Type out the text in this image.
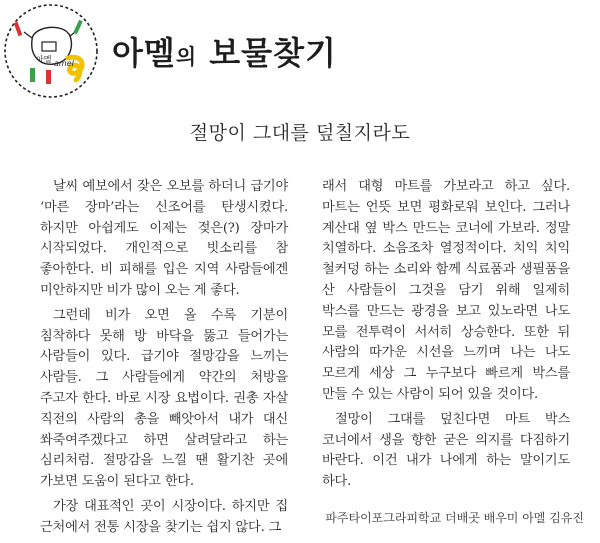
아멜 amel 아멜의 보물찾기
절망이 그대를 덮칠지라도

날씨 예보에서 잦은 오보를 하더니 급기야 ‘마른 장마’라는 신조어를 탄생시켰다. 하지만 아쉽게도 이제는 젖은(?) 장마가 시작되었다. 개인적으로 빗소리를 참 좋아한다. 비 피해를 입은 지역 사람들에겐 미안하지만 비가 많이 오는 게 좋다.

그런데 비가 오면 올 수록 기분이 침착하다 못해 방 바닥을 뚫고 들어가는 사람들이 있다. 급기야 절망감을 느끼는 사람들. 그 사람들에게 약간의 처방을 주고자 한다. 바로 시장 요법이다. 권총 자살 직전의 사람의 총을 빼앗아서 내가 대신 쏴죽여주겠다고 하면 살려달라고 하는 심리처럼. 절망감을 느낄 땐 활기찬 곳에 가보면 도움이 된다고 한다.

가장 대표적인 곳이 시장이다. 하지만 집 근처에서 전통 시장을 찾기는 쉽지 않다. 그

래서 대형 마트를 가보라고 하고 싶다. 마트는 언뜻 보면 평화로워 보인다. 그러나 계산대 옆 박스 만드는 코너에 가보라. 정말 치열하다. 소음조차 열정적이다. 치익 치익 철커덩 하는 소리와 함께 식료품과 생필품을 산 사람들이 그것을 담기 위해 일제히 박스를 만드는 광경을 보고 있노라면 나도 모를 전투력이 서서히 상승한다. 또한 뒤 사람의 따가운 시선을 느끼며 나는 나도 모르게 세상 그 누구보다 빠르게 박스를 만들 수 있는 사람이 되어 있을 것이다.

절망이 그대를 덮친다면 마트 박스 코너에서 생을 향한 굳은 의지를 다짐하기 바란다. 이건 내가 나에게 하는 말이기도 하다.

파주타이포그라피학교 더배곳 배우미 아멜 김유진
